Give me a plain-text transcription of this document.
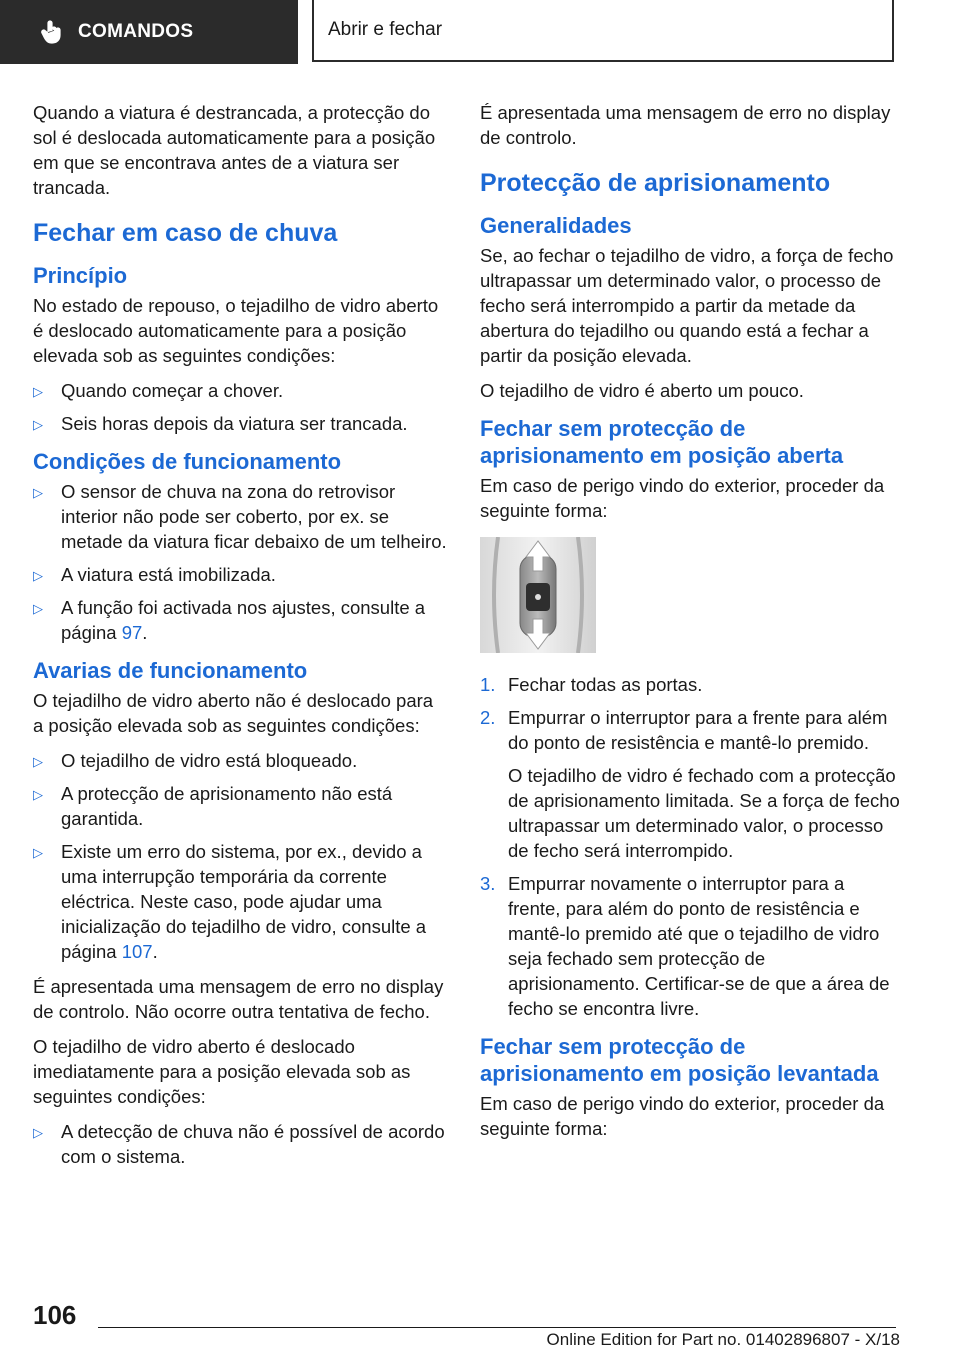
COMANDOS	Abrir e fechar

Quando a viatura é destrancada, a protecção do sol é deslocada automaticamente para a posição em que se encontrava antes de a viatura ser trancada.

Fechar em caso de chuva
Princípio

No estado de repouso, o tejadilho de vidro aberto é deslocado automaticamente para a posição elevada sob as seguintes condições:

▷ Quando começar a chover.
▷ Seis horas depois da viatura ser trancada.
Condições de funcionamento
▷ O sensor de chuva na zona do retrovisor interior não pode ser coberto, por ex. se metade da viatura ficar debaixo de um telheiro.
▷ A viatura está imobilizada.
▷ A função foi activada nos ajustes, consulte a página 97.
Avarias de funcionamento

O tejadilho de vidro aberto não é deslocado para a posição elevada sob as seguintes condições:

▷ O tejadilho de vidro está bloqueado.
▷ A protecção de aprisionamento não está garantida.
▷ Existe um erro do sistema, por ex., devido a uma interrupção temporária da corrente eléctrica. Neste caso, pode ajudar uma inicialização do tejadilho de vidro, consulte a página 107.

É apresentada uma mensagem de erro no display de controlo. Não ocorre outra tentativa de fecho.

O tejadilho de vidro aberto é deslocado imediatamente para a posição elevada sob as seguintes condições:

▷ A detecção de chuva não é possível de acordo com o sistema.

É apresentada uma mensagem de erro no display de controlo.

Protecção de aprisionamento
Generalidades

Se, ao fechar o tejadilho de vidro, a força de fecho ultrapassar um determinado valor, o processo de fecho será interrompido a partir da metade da abertura do tejadilho ou quando está a fechar a partir da posição elevada.

O tejadilho de vidro é aberto um pouco.

Fechar sem protecção de aprisionamento em posição aberta

Em caso de perigo vindo do exterior, proceder da seguinte forma:

1. Fechar todas as portas.
2. Empurrar o interruptor para a frente para além do ponto de resistência e mantê-lo premido.

O tejadilho de vidro é fechado com a protecção de aprisionamento limitada. Se a força de fecho ultrapassar um determinado valor, o processo de fecho será interrompido.

3. Empurrar novamente o interruptor para a frente, para além do ponto de resistência e mantê-lo premido até que o tejadilho de vidro seja fechado sem protecção de aprisionamento. Certificar-se de que a área de fecho se encontra livre.
Fechar sem protecção de aprisionamento em posição levantada

Em caso de perigo vindo do exterior, proceder da seguinte forma:

106
Online Edition for Part no. 01402896807 - X/18
